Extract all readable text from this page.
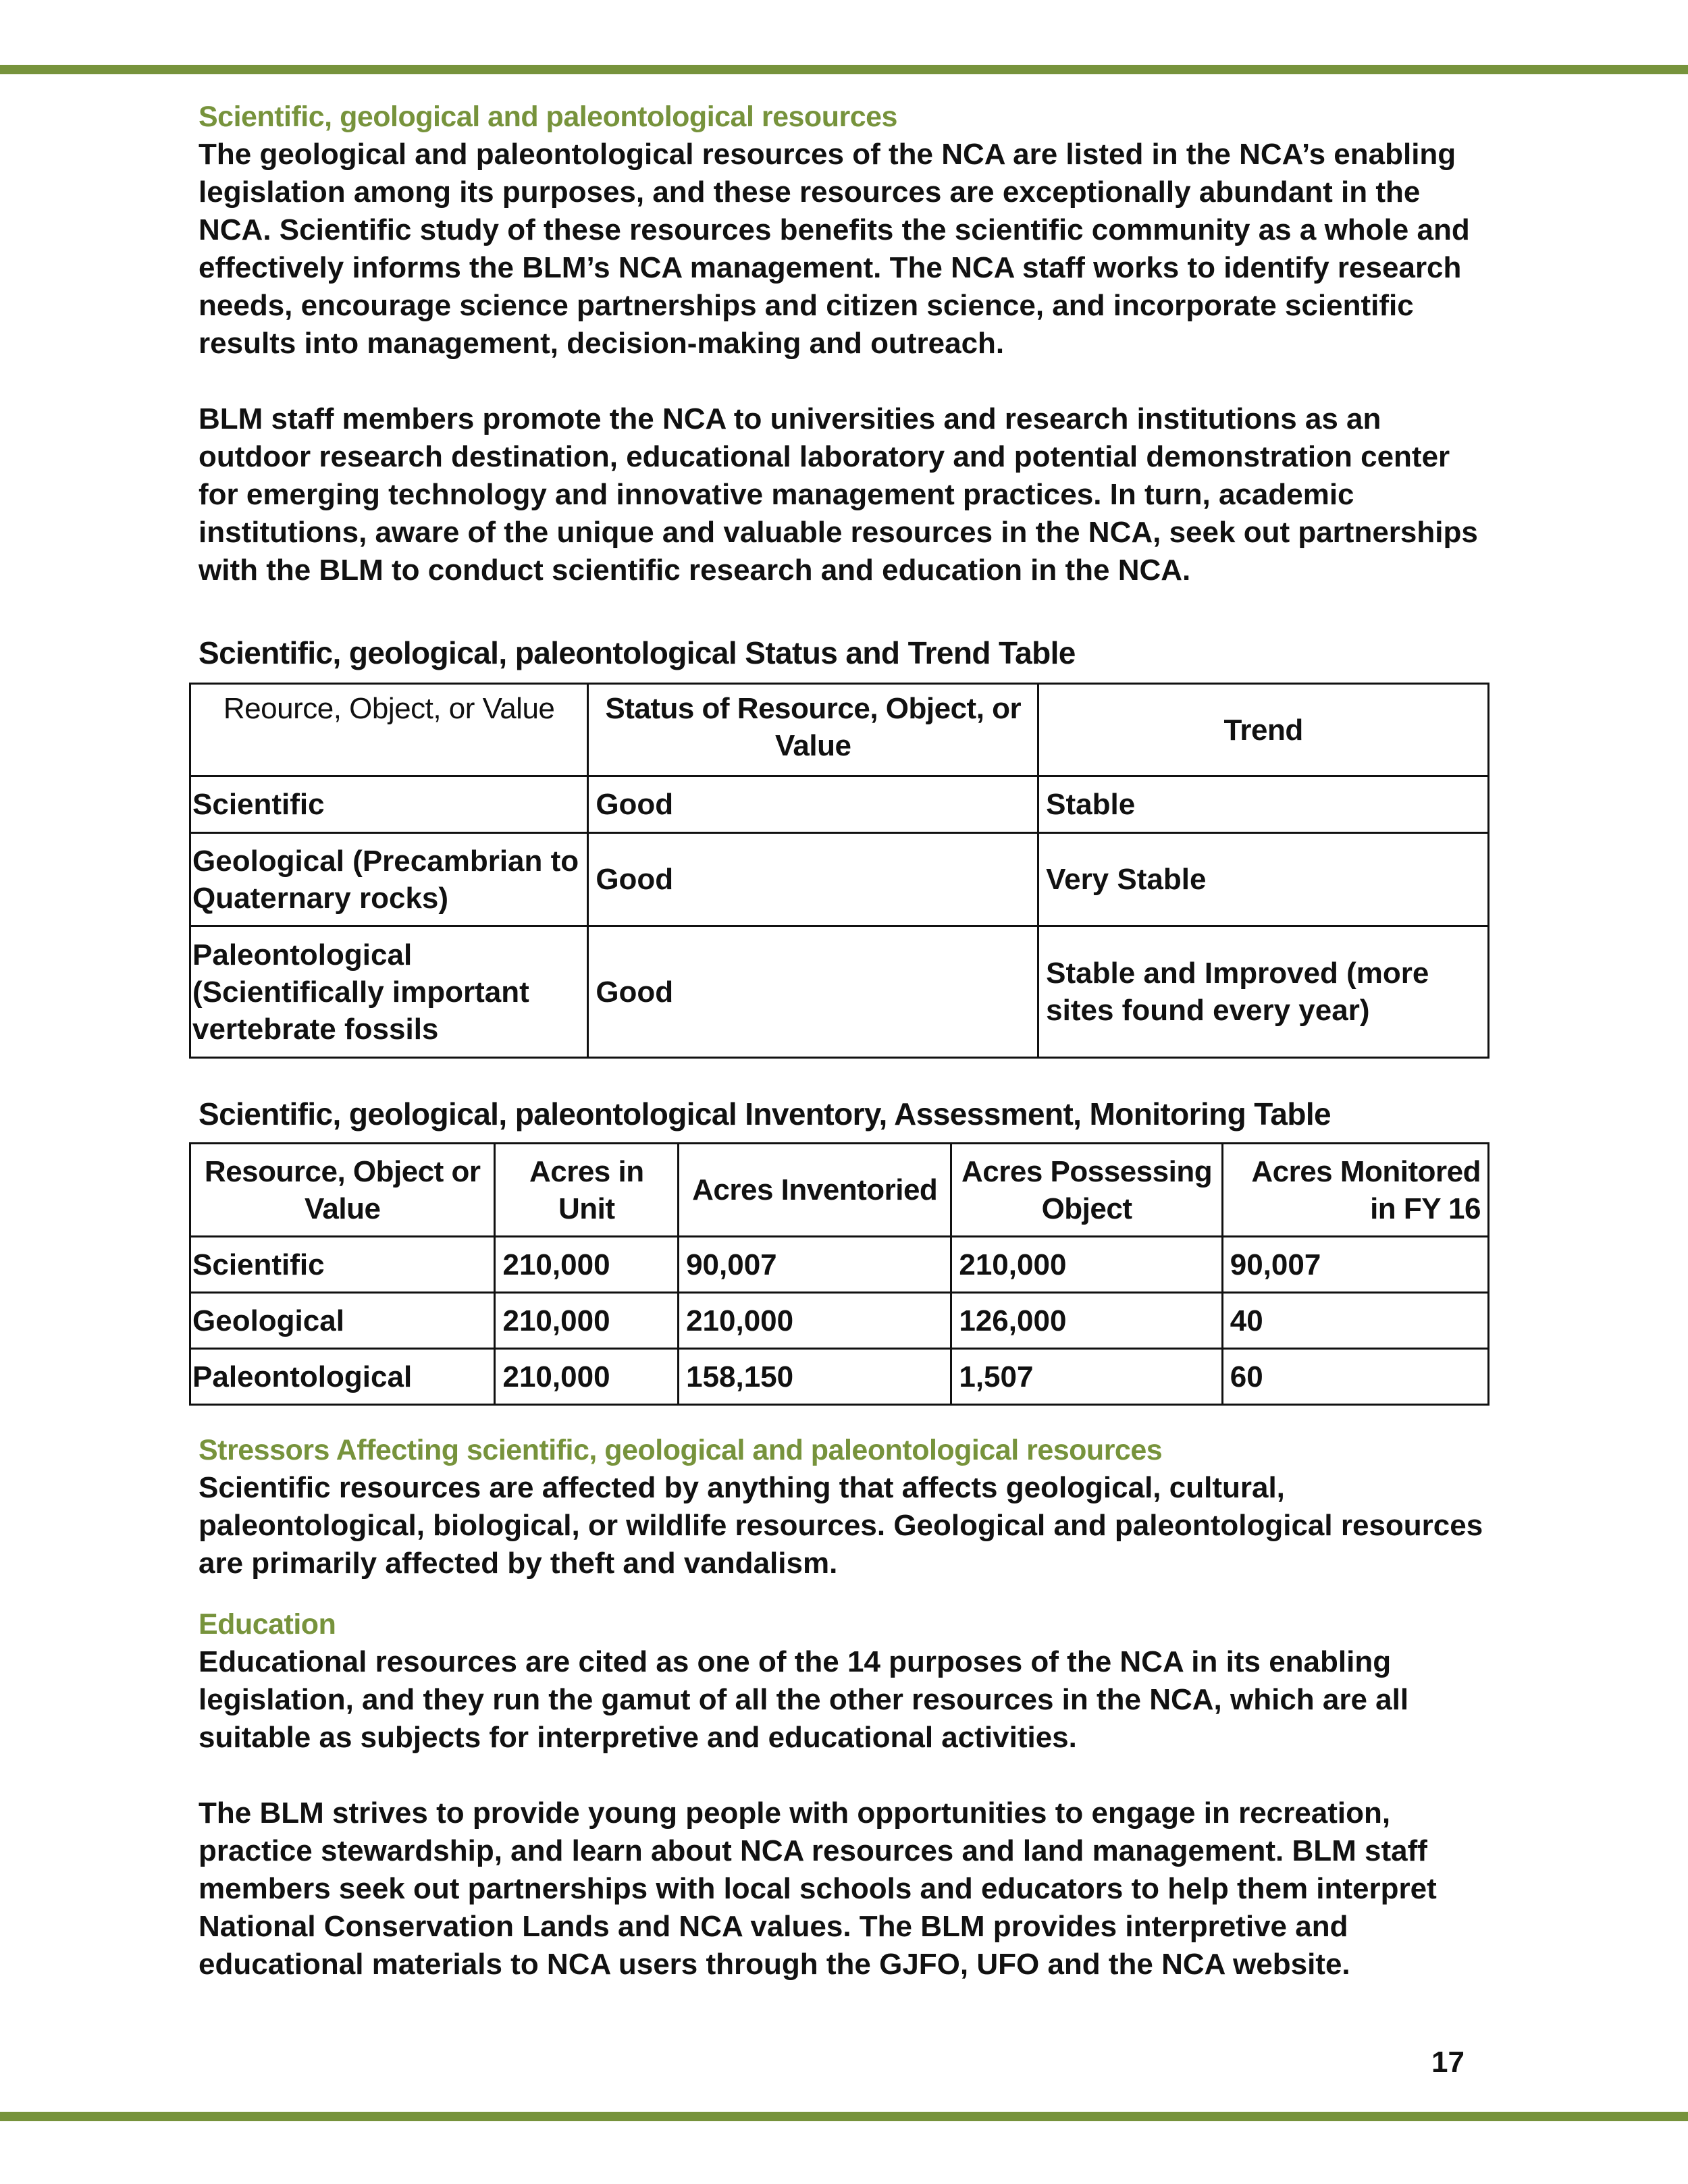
Scientific, geological and paleontological resources

The geological and paleontological resources of the NCA are listed in the NCA’s enabling legislation among its purposes, and these resources are exceptionally abundant in the NCA. Scientific study of these resources benefits the scientific community as a whole and effectively informs the BLM’s NCA management. The NCA staff works to identify research needs, encourage science partnerships and citizen science, and incorporate scientific results into management, decision-making and outreach.

BLM staff members promote the NCA to universities and research institutions as an outdoor research destination, educational laboratory and potential demonstration center for emerging technology and innovative management practices. In turn, academic institutions, aware of the unique and valuable resources in the NCA, seek out partnerships with the BLM to conduct scientific research and education in the NCA.

Scientific, geological, paleontological Status and Trend Table
Reource, Object, or Value	Status of Resource, Object, or Value	Trend
Scientific	Good	Stable
Geological (Precambrian to Quaternary rocks)	Good	Very Stable
Paleontological (Scientifically important vertebrate fossils	Good	Stable and Improved (more sites found every year)
Scientific, geological, paleontological Inventory, Assessment, Monitoring Table
Resource, Object or Value	Acres in Unit	Acres Inventoried	Acres Possessing Object	Acres Monitored in FY 16
Scientific	210,000	90,007	210,000	90,007
Geological	210,000	210,000	126,000	40
Paleontological	210,000	158,150	1,507	60
Stressors Affecting scientific, geological and paleontological resources

Scientific resources are affected by anything that affects geological, cultural, paleontological, biological, or wildlife resources. Geological and paleontological resources are primarily affected by theft and vandalism.

Education

Educational resources are cited as one of the 14 purposes of the NCA in its enabling legislation, and they run the gamut of all the other resources in the NCA, which are all suitable as subjects for interpretive and educational activities.

The BLM strives to provide young people with opportunities to engage in recreation, practice stewardship, and learn about NCA resources and land management. BLM staff members seek out partnerships with local schools and educators to help them interpret National Conservation Lands and NCA values. The BLM provides interpretive and educational materials to NCA users through the GJFO, UFO and the NCA website.

17
